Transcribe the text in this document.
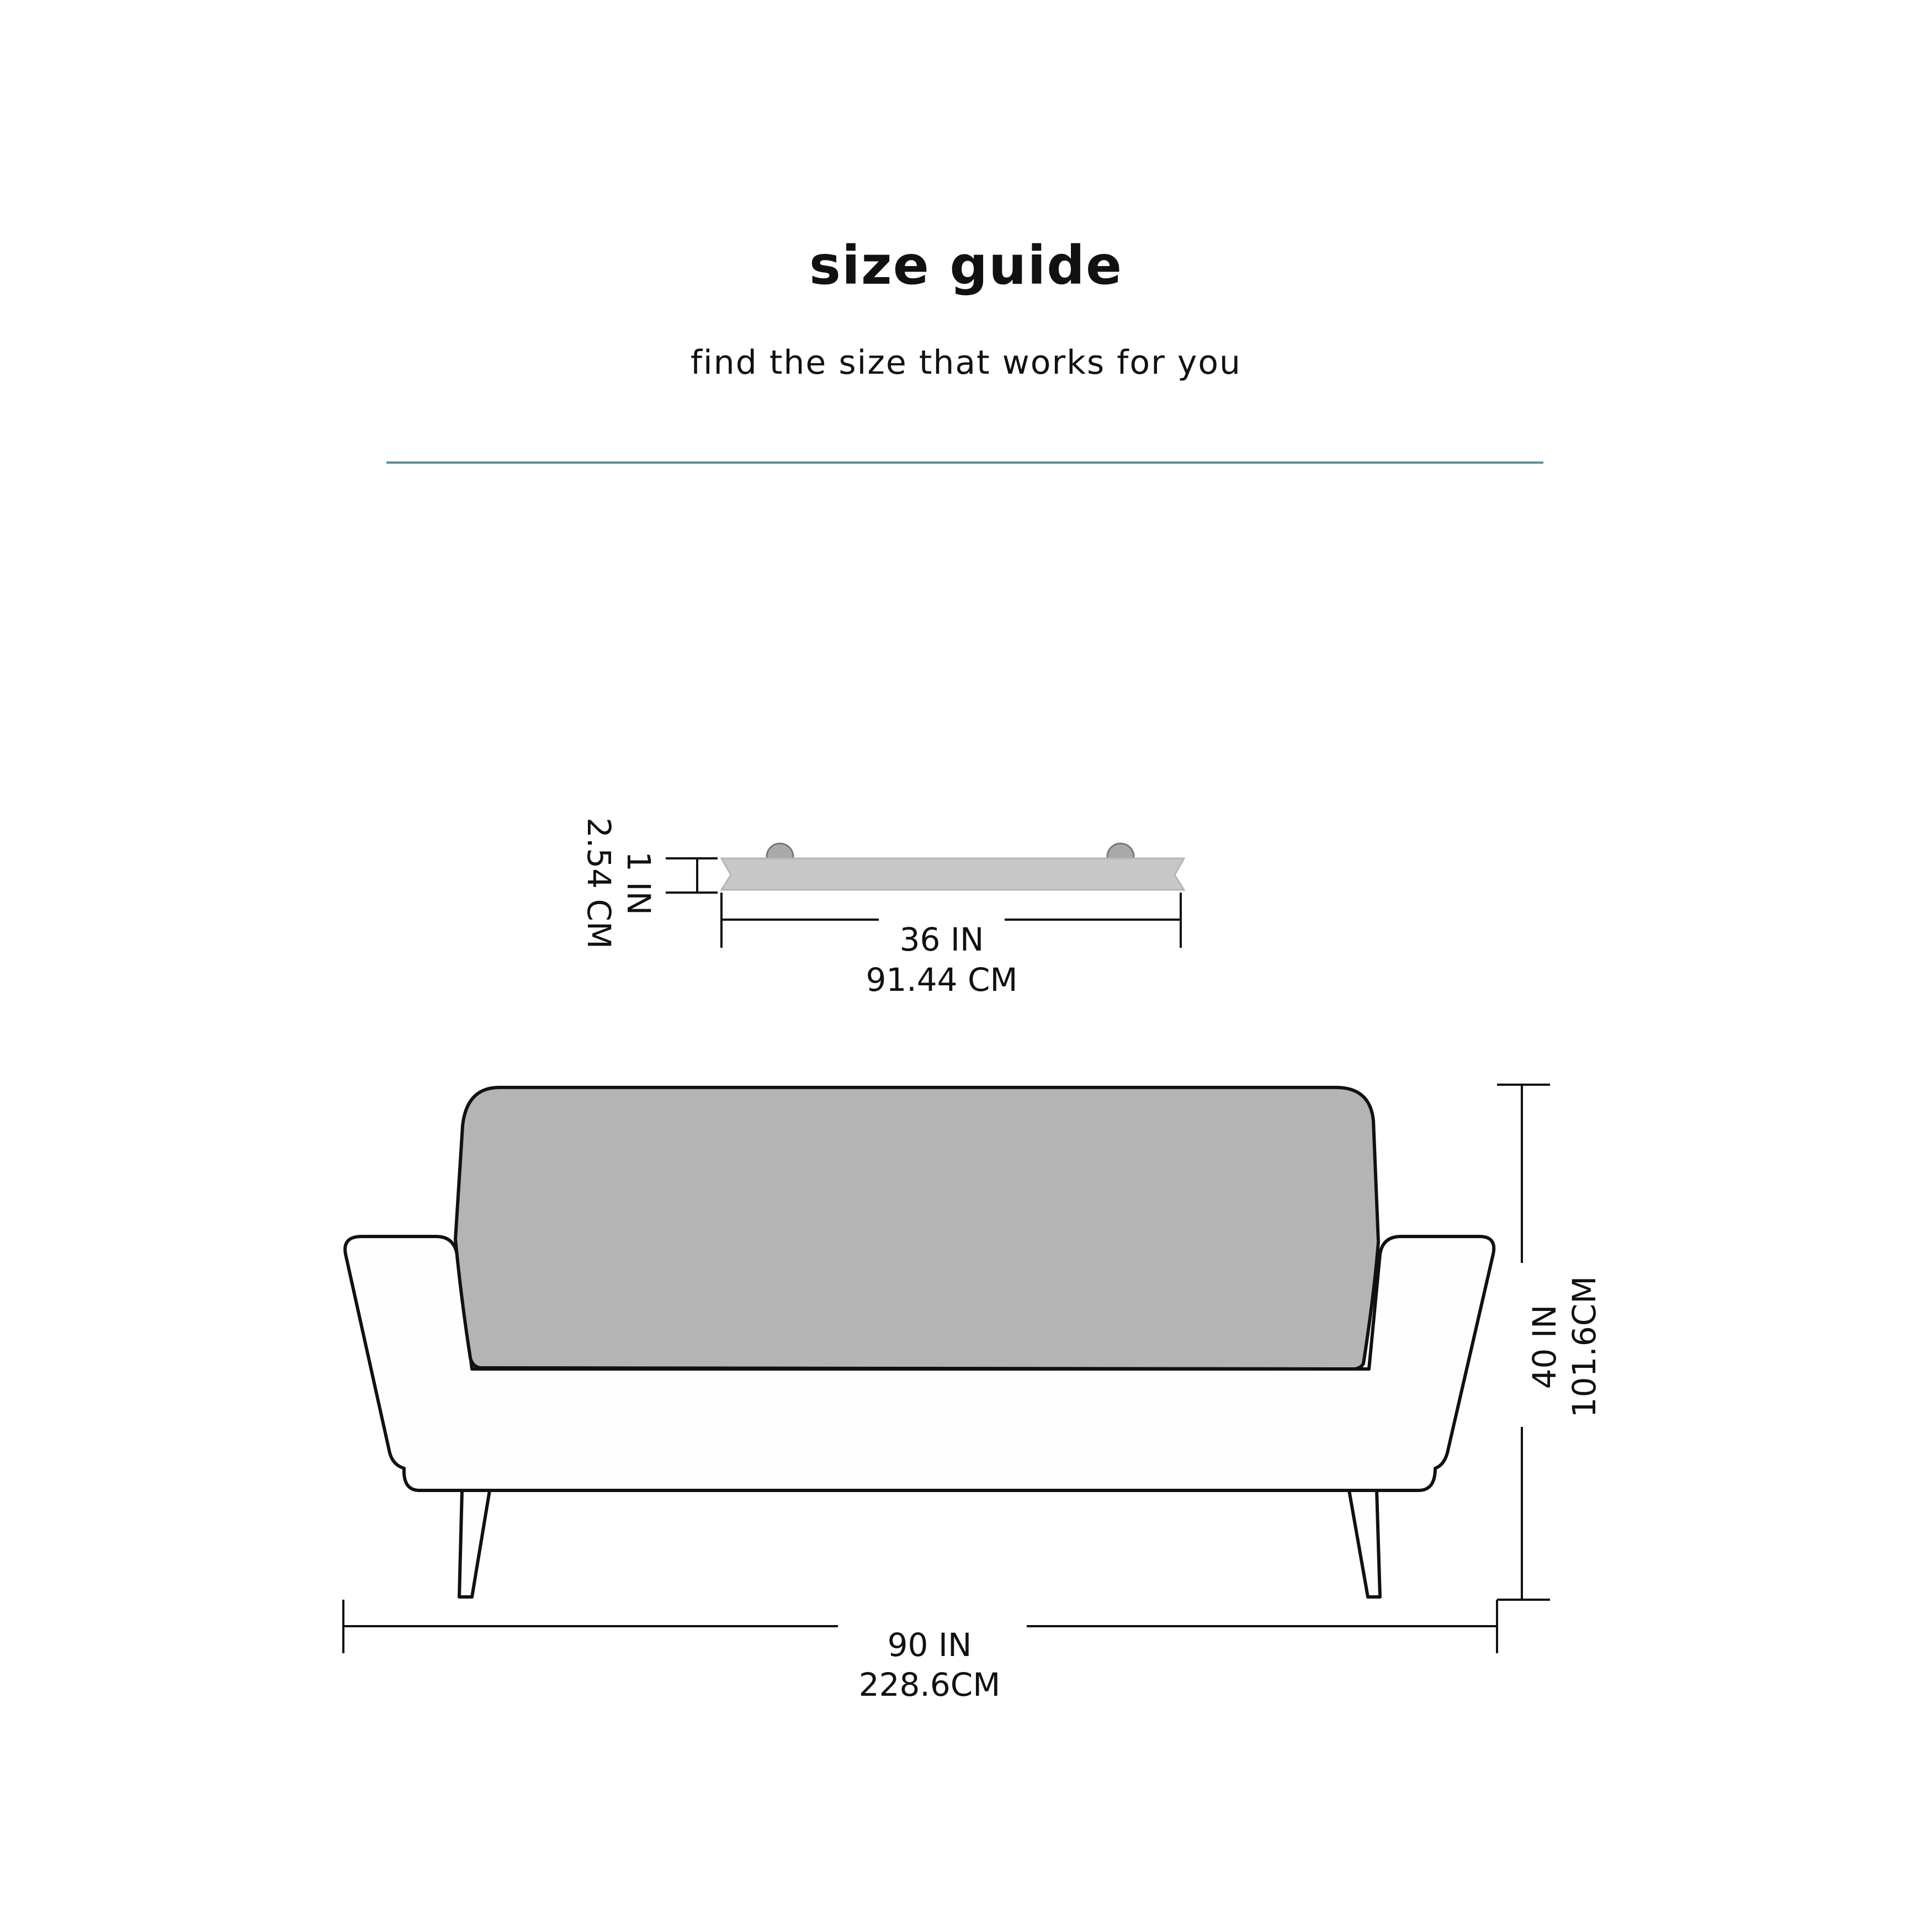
size guide
find the size that works for you
1 IN
2.54 CM	36 IN
91.44 CM
40 IN 101.6CM
90 IN
228.6CM
